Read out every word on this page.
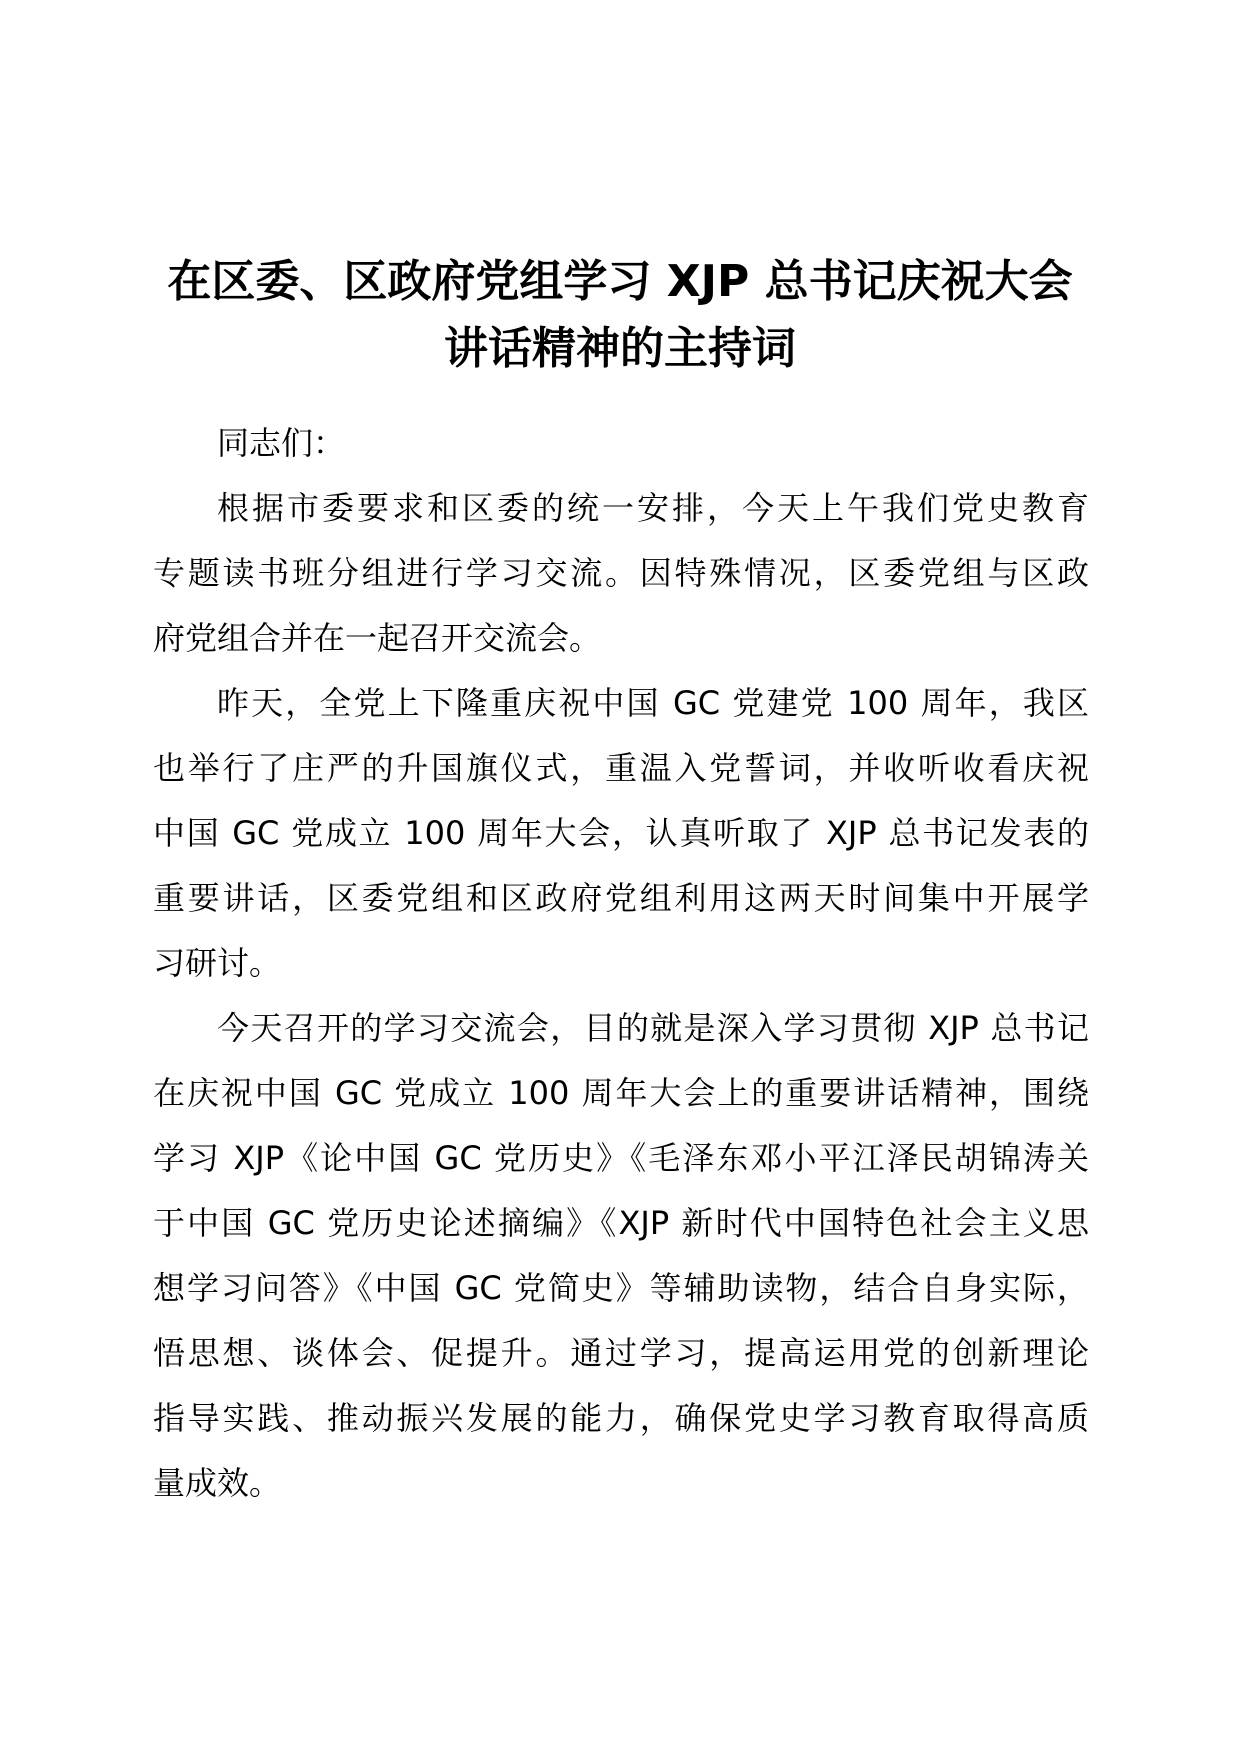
在区委、区政府党组学习 XJP 总书记庆祝大会
讲话精神的主持词
同志们：
根据市委要求和区委的统一安排，今天上午我们党史教育
专题读书班分组进行学习交流。因特殊情况，区委党组与区政
府党组合并在一起召开交流会。
昨天，全党上下隆重庆祝中国 GC 党建党 100 周年，我区
也举行了庄严的升国旗仪式，重温入党誓词，并收听收看庆祝
中国 GC 党成立 100 周年大会，认真听取了 XJP 总书记发表的
重要讲话，区委党组和区政府党组利用这两天时间集中开展学
习研讨。
今天召开的学习交流会，目的就是深入学习贯彻 XJP 总书记
在庆祝中国 GC 党成立 100 周年大会上的重要讲话精神，围绕
学习 XJP《论中国 GC 党历史》《毛泽东邓小平江泽民胡锦涛关
于中国 GC 党历史论述摘编》《XJP 新时代中国特色社会主义思
想学习问答》《中国 GC 党简史》等辅助读物，结合自身实际，
悟思想、谈体会、促提升。通过学习，提高运用党的创新理论
指导实践、推动振兴发展的能力，确保党史学习教育取得高质
量成效。
